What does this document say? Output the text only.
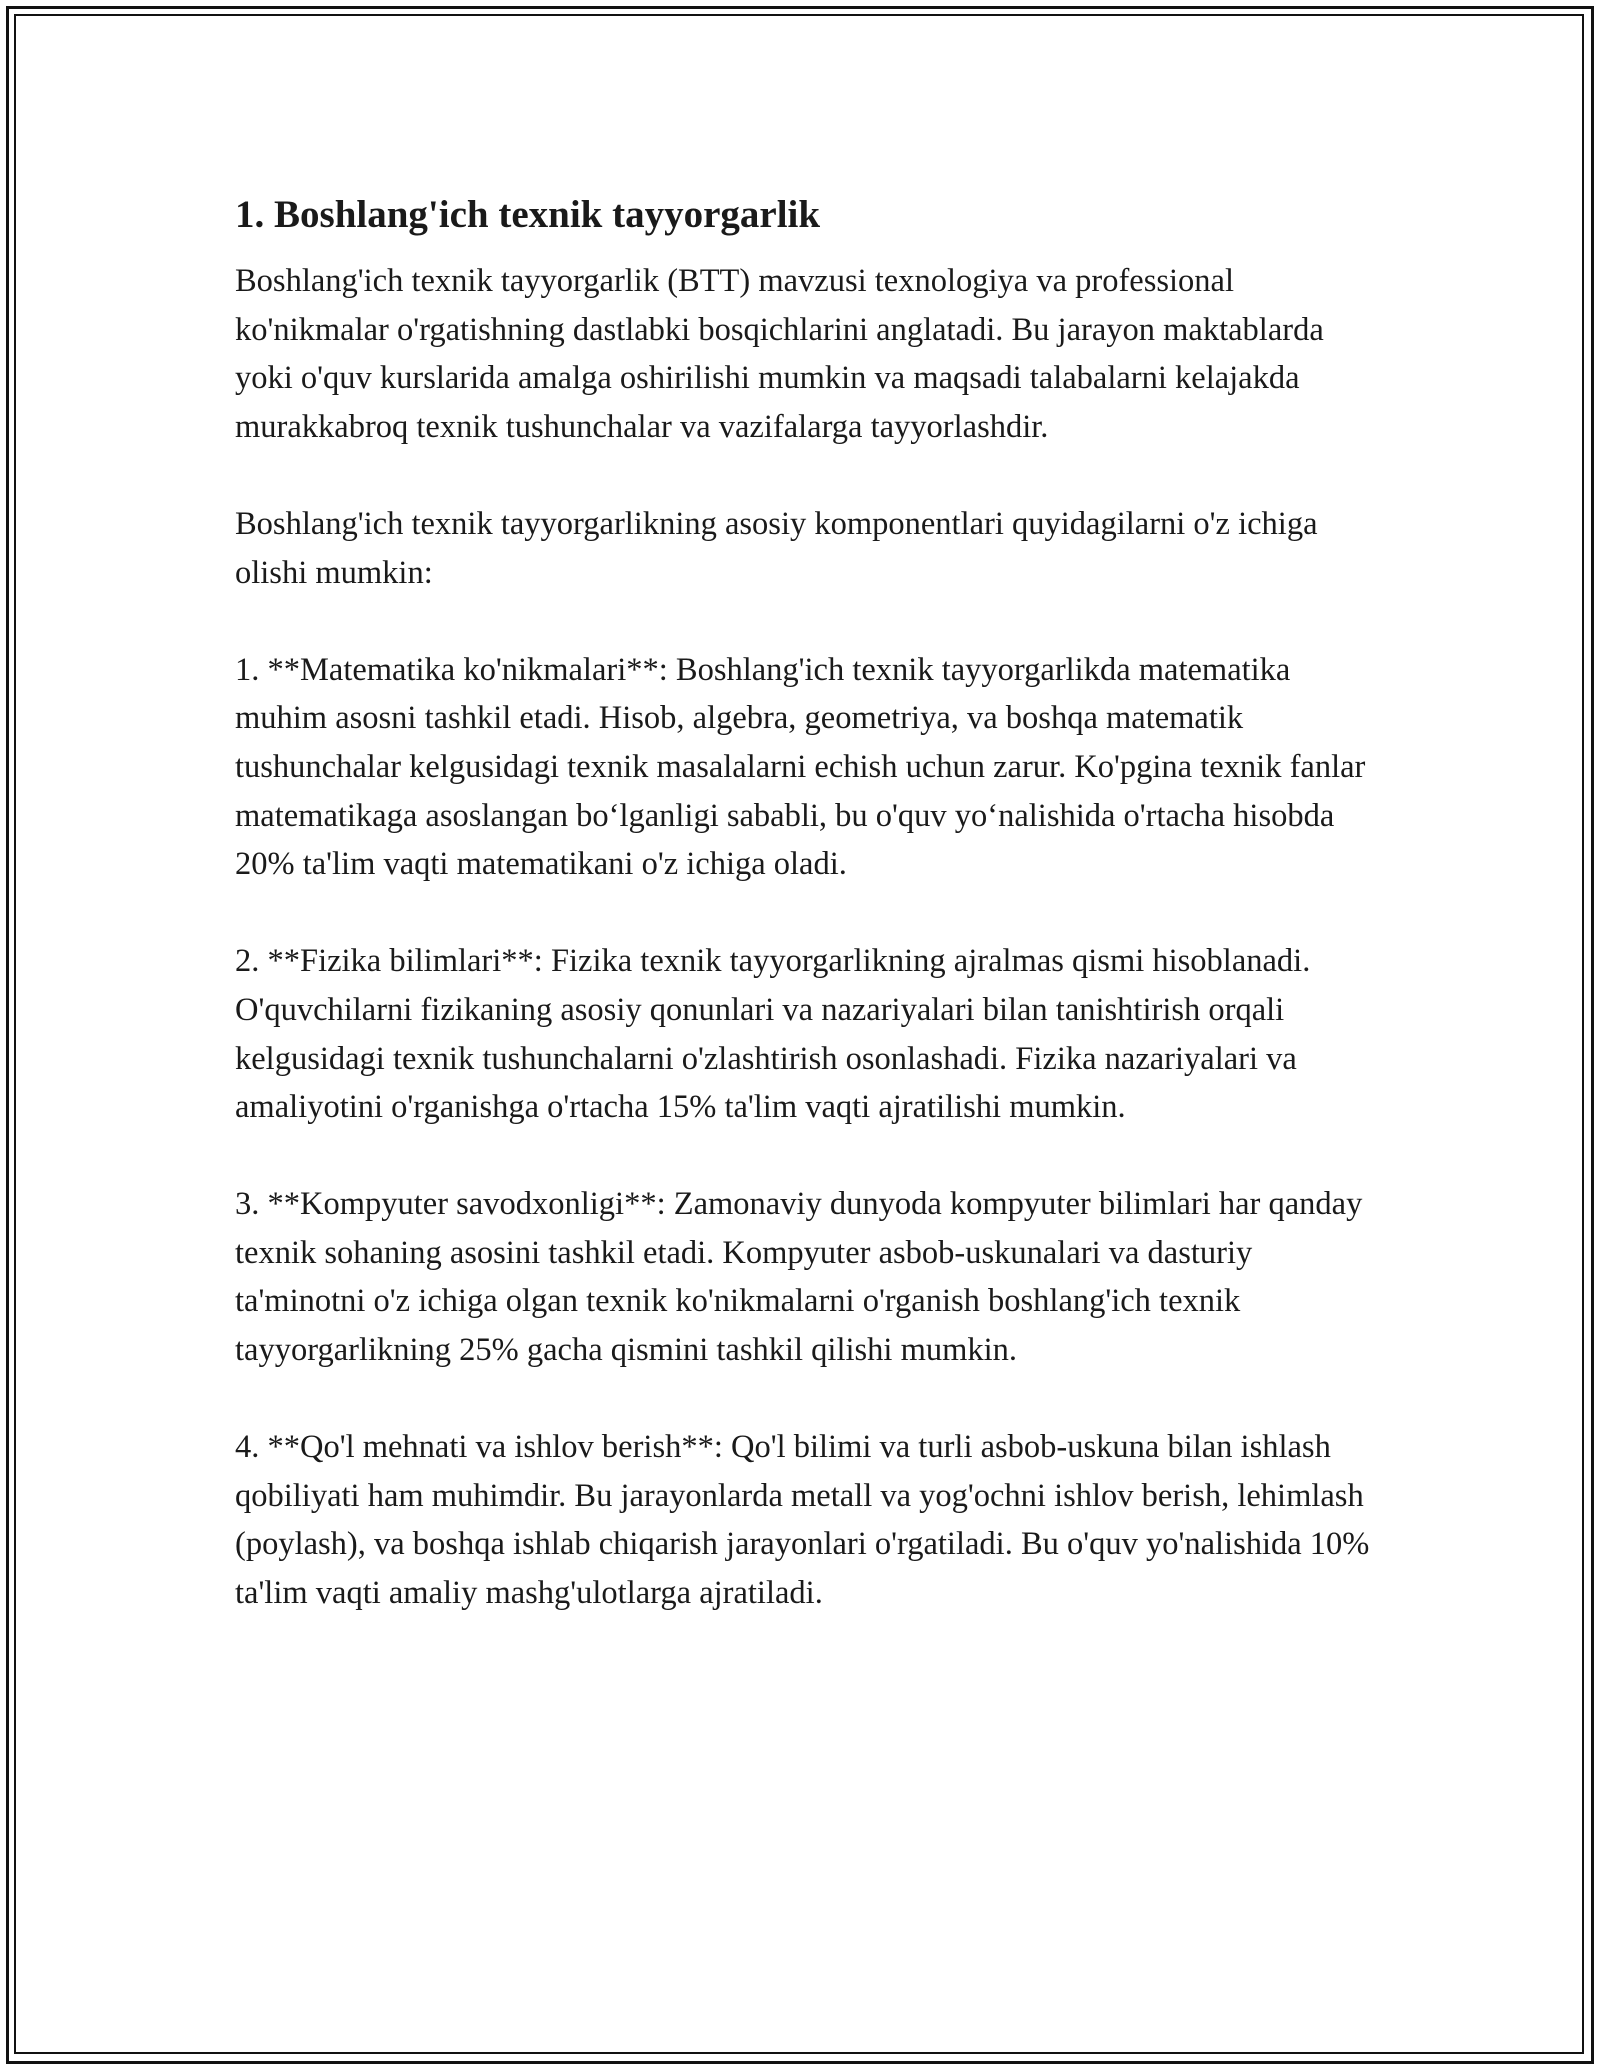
1. Boshlang'ich texnik tayyorgarlik

Boshlang'ich texnik tayyorgarlik (BTT) mavzusi texnologiya va professional ko'nikmalar o'rgatishning dastlabki bosqichlarini anglatadi. Bu jarayon maktablarda yoki o'quv kurslarida amalga oshirilishi mumkin va maqsadi talabalarni kelajakda murakkabroq texnik tushunchalar va vazifalarga tayyorlashdir.

Boshlang'ich texnik tayyorgarlikning asosiy komponentlari quyidagilarni o'z ichiga olishi mumkin:

1. **Matematika ko'nikmalari**: Boshlang'ich texnik tayyorgarlikda matematika muhim asosni tashkil etadi. Hisob, algebra, geometriya, va boshqa matematik tushunchalar kelgusidagi texnik masalalarni echish uchun zarur. Ko'pgina texnik fanlar matematikaga asoslangan bo‘lganligi sababli, bu o'quv yo‘nalishida o'rtacha hisobda 20% ta'lim vaqti matematikani o'z ichiga oladi.

2. **Fizika bilimlari**: Fizika texnik tayyorgarlikning ajralmas qismi hisoblanadi. O'quvchilarni fizikaning asosiy qonunlari va nazariyalari bilan tanishtirish orqali kelgusidagi texnik tushunchalarni o'zlashtirish osonlashadi. Fizika nazariyalari va amaliyotini o'rganishga o'rtacha 15% ta'lim vaqti ajratilishi mumkin.

3. **Kompyuter savodxonligi**: Zamonaviy dunyoda kompyuter bilimlari har qanday texnik sohaning asosini tashkil etadi. Kompyuter asbob-uskunalari va dasturiy ta'minotni o'z ichiga olgan texnik ko'nikmalarni o'rganish boshlang'ich texnik tayyorgarlikning 25% gacha qismini tashkil qilishi mumkin.

4. **Qo'l mehnati va ishlov berish**: Qo'l bilimi va turli asbob-uskuna bilan ishlash qobiliyati ham muhimdir. Bu jarayonlarda metall va yog'ochni ishlov berish, lehimlash (poylash), va boshqa ishlab chiqarish jarayonlari o'rgatiladi. Bu o'quv yo'nalishida 10% ta'lim vaqti amaliy mashg'ulotlarga ajratiladi.
